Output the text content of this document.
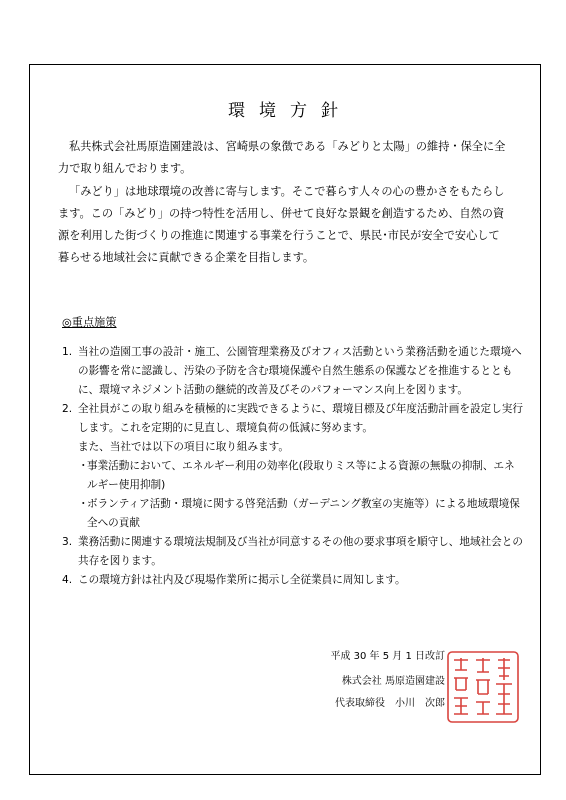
環境方針

私共株式会社馬原造園建設は、宮崎県の象徴である「みどりと太陽」の維持・保全に全力で取り組んでおります。

「みどり」は地球環境の改善に寄与します。そこで暮らす人々の心の豊かさをもたらします。この「みどり」の持つ特性を活用し、併せて良好な景観を創造するため、自然の資源を利用した街づくりの推進に関連する事業を行うことで、県民･市民が安全で安心して暮らせる地域社会に貢献できる企業を目指します。

◎重点施策
1. 当社の造園工事の設計・施工、公園管理業務及びオフィス活動という業務活動を通じた環境への影響を常に認識し、汚染の予防を含む環境保護や自然生態系の保護などを推進するとともに、環境マネジメント活動の継続的改善及びそのパフォーマンス向上を図ります。
2. 全社員がこの取り組みを積極的に実践できるように、環境目標及び年度活動計画を設定し実行します。これを定期的に見直し、環境負荷の低減に努めます。
また、当社では以下の項目に取り組みます。
・
事業活動において、エネルギー利用の効率化(段取りミス等による資源の無駄の抑制、エネルギー使用抑制)
・
ボランティア活動・環境に関する啓発活動（ガーデニング教室の実施等）による地域環境保全への貢献
3. 業務活動に関連する環境法規制及び当社が同意するその他の要求事項を順守し、地域社会との共存を図ります。
4. この環境方針は社内及び現場作業所に掲示し全従業員に周知します。
平成 30 年 5 月 1 日改訂
株式会社 馬原造園建設
代表取締役　小川　次郎
